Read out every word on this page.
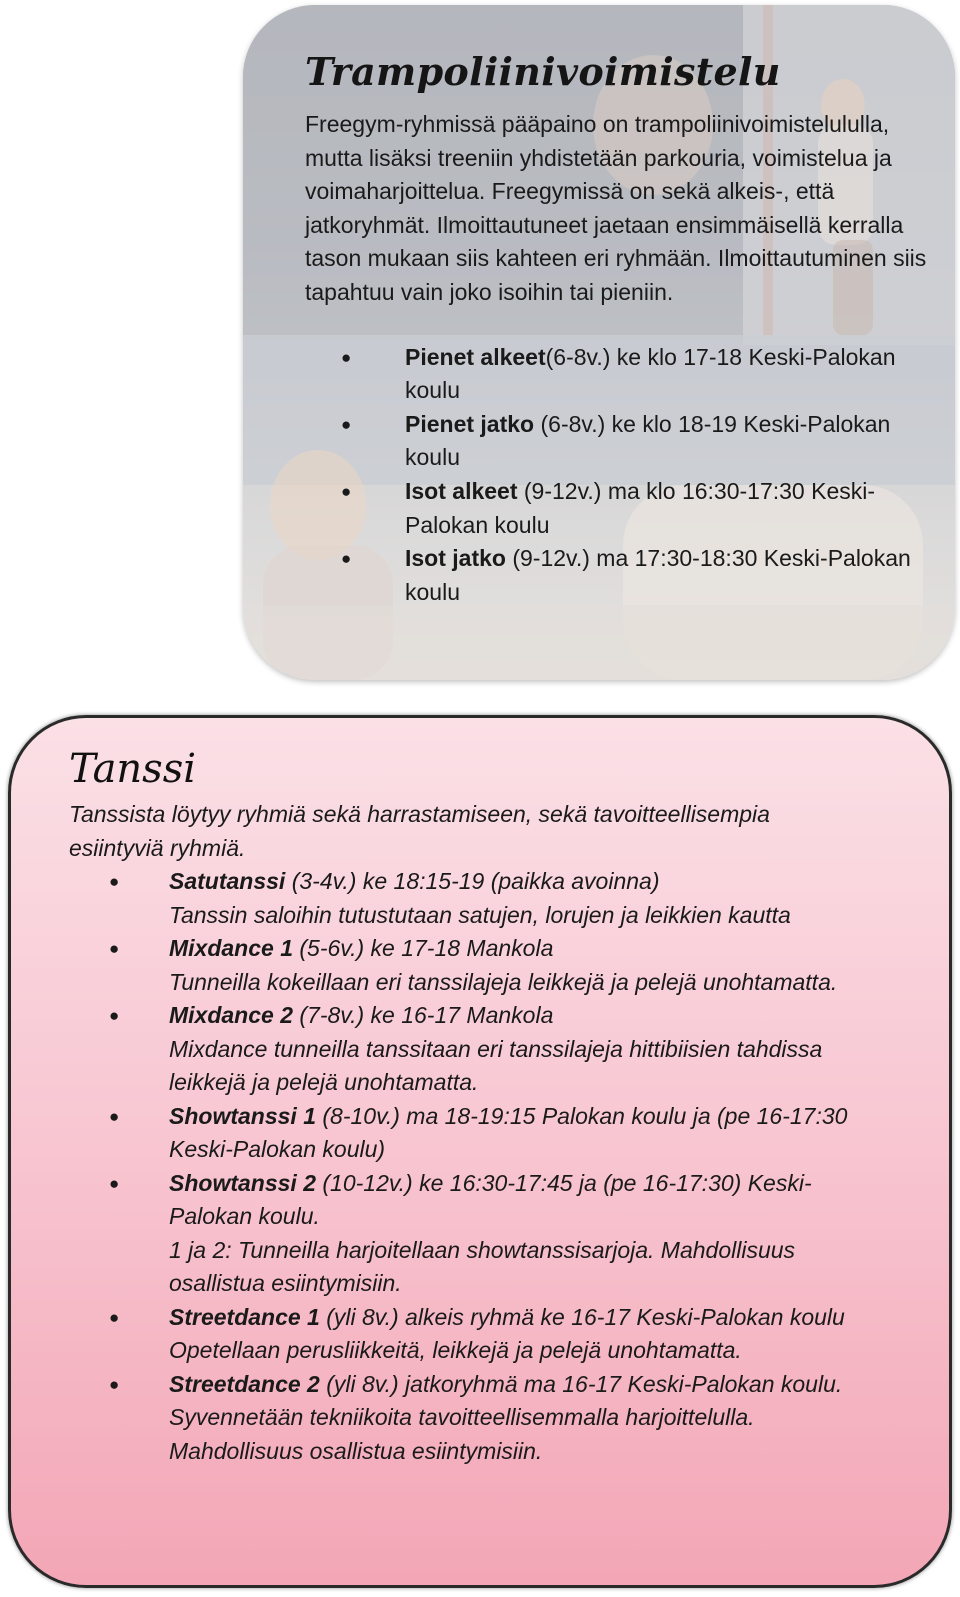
Trampoliinivoimistelu

Freegym-ryhmissä pääpaino on trampoliinivoimistelululla, mutta lisäksi treeniin yhdistetään parkouria, voimistelua ja voimaharjoittelua. Freegymissä on sekä alkeis-, että jatkoryhmät. Ilmoittautuneet jaetaan ensimmäisellä kerralla tason mukaan siis kahteen eri ryhmään. Ilmoittautuminen siis tapahtuu vain joko isoihin tai pieniin.

● Pienet alkeet(6-8v.) ke klo 17-18 Keski-Palokan koulu
● Pienet jatko (6-8v.) ke klo 18-19 Keski-Palokan koulu
● Isot alkeet (9-12v.) ma klo 16:30-17:30 Keski-Palokan koulu
● Isot jatko (9-12v.) ma 17:30-18:30 Keski-Palokan koulu
Tanssi

Tanssista löytyy ryhmiä sekä harrastamiseen, sekä tavoitteellisempia esiintyviä ryhmiä.

● Satutanssi (3-4v.) ke 18:15-19 (paikka avoinna)
Tanssin saloihin tutustutaan satujen, lorujen ja leikkien kautta
● Mixdance 1 (5-6v.) ke 17-18 Mankola
Tunneilla kokeillaan eri tanssilajeja leikkejä ja pelejä unohtamatta.
● Mixdance 2 (7-8v.) ke 16-17 Mankola
Mixdance tunneilla tanssitaan eri tanssilajeja hittibiisien tahdissa leikkejä ja pelejä unohtamatta.
● Showtanssi 1 (8-10v.) ma 18-19:15 Palokan koulu ja (pe 16-17:30 Keski-Palokan koulu)
● Showtanssi 2 (10-12v.) ke 16:30-17:45 ja (pe 16-17:30) Keski-Palokan koulu.
1 ja 2: Tunneilla harjoitellaan showtanssisarjoja. Mahdollisuus osallistua esiintymisiin.
● Streetdance 1 (yli 8v.) alkeis ryhmä ke 16-17 Keski-Palokan koulu
Opetellaan perusliikkeitä, leikkejä ja pelejä unohtamatta.
● Streetdance 2 (yli 8v.) jatkoryhmä ma 16-17 Keski-Palokan koulu. Syvennetään tekniikoita tavoitteellisemmalla harjoittelulla. Mahdollisuus osallistua esiintymisiin.
